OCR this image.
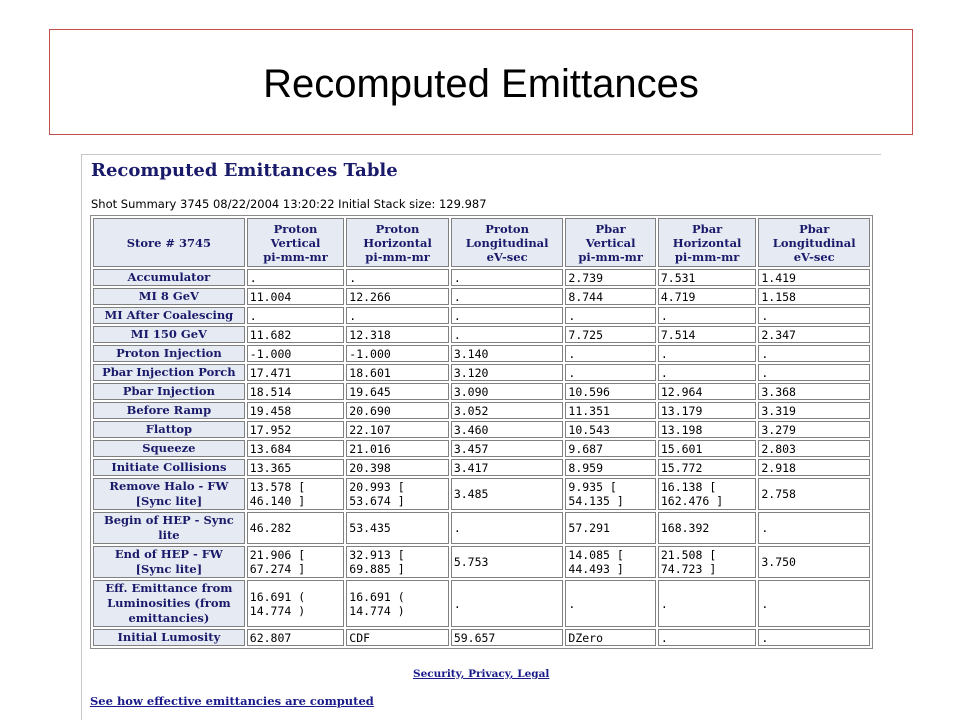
Recomputed Emittances
Recomputed Emittances Table
Shot Summary 3745 08/22/2004 13:20:22 Initial Stack size: 129.987
Store # 3745	Proton
Vertical
pi-mm-mr	Proton
Horizontal
pi-mm-mr	Proton
Longitudinal
eV-sec	Pbar
Vertical
pi-mm-mr	Pbar
Horizontal
pi-mm-mr	Pbar
Longitudinal
eV-sec
Accumulator	.	.	.	2.739	7.531	1.419
MI 8 GeV	11.004	12.266	.	8.744	4.719	1.158
MI After Coalescing	.	.	.	.	.	.
MI 150 GeV	11.682	12.318	.	7.725	7.514	2.347
Proton Injection	-1.000	-1.000	3.140	.	.	.
Pbar Injection Porch	17.471	18.601	3.120	.	.	.
Pbar Injection	18.514	19.645	3.090	10.596	12.964	3.368
Before Ramp	19.458	20.690	3.052	11.351	13.179	3.319
Flattop	17.952	22.107	3.460	10.543	13.198	3.279
Squeeze	13.684	21.016	3.457	9.687	15.601	2.803
Initiate Collisions	13.365	20.398	3.417	8.959	15.772	2.918
Remove Halo - FW [Sync lite]	13.578 [ 46.140 ]	20.993 [ 53.674 ]	3.485	9.935 [ 54.135 ]	16.138 [ 162.476 ]	2.758
Begin of HEP - Sync lite	46.282	53.435	.	57.291	168.392	.
End of HEP - FW [Sync lite]	21.906 [ 67.274 ]	32.913 [ 69.885 ]	5.753	14.085 [ 44.493 ]	21.508 [ 74.723 ]	3.750
Eff. Emittance from Luminosities (from emittancies)	16.691 ( 14.774 )	16.691 ( 14.774 )	.	.	.	.
Initial Lumosity	62.807	CDF	59.657	DZero	.	.
Security, Privacy, Legal
See how effective emittancies are computed
